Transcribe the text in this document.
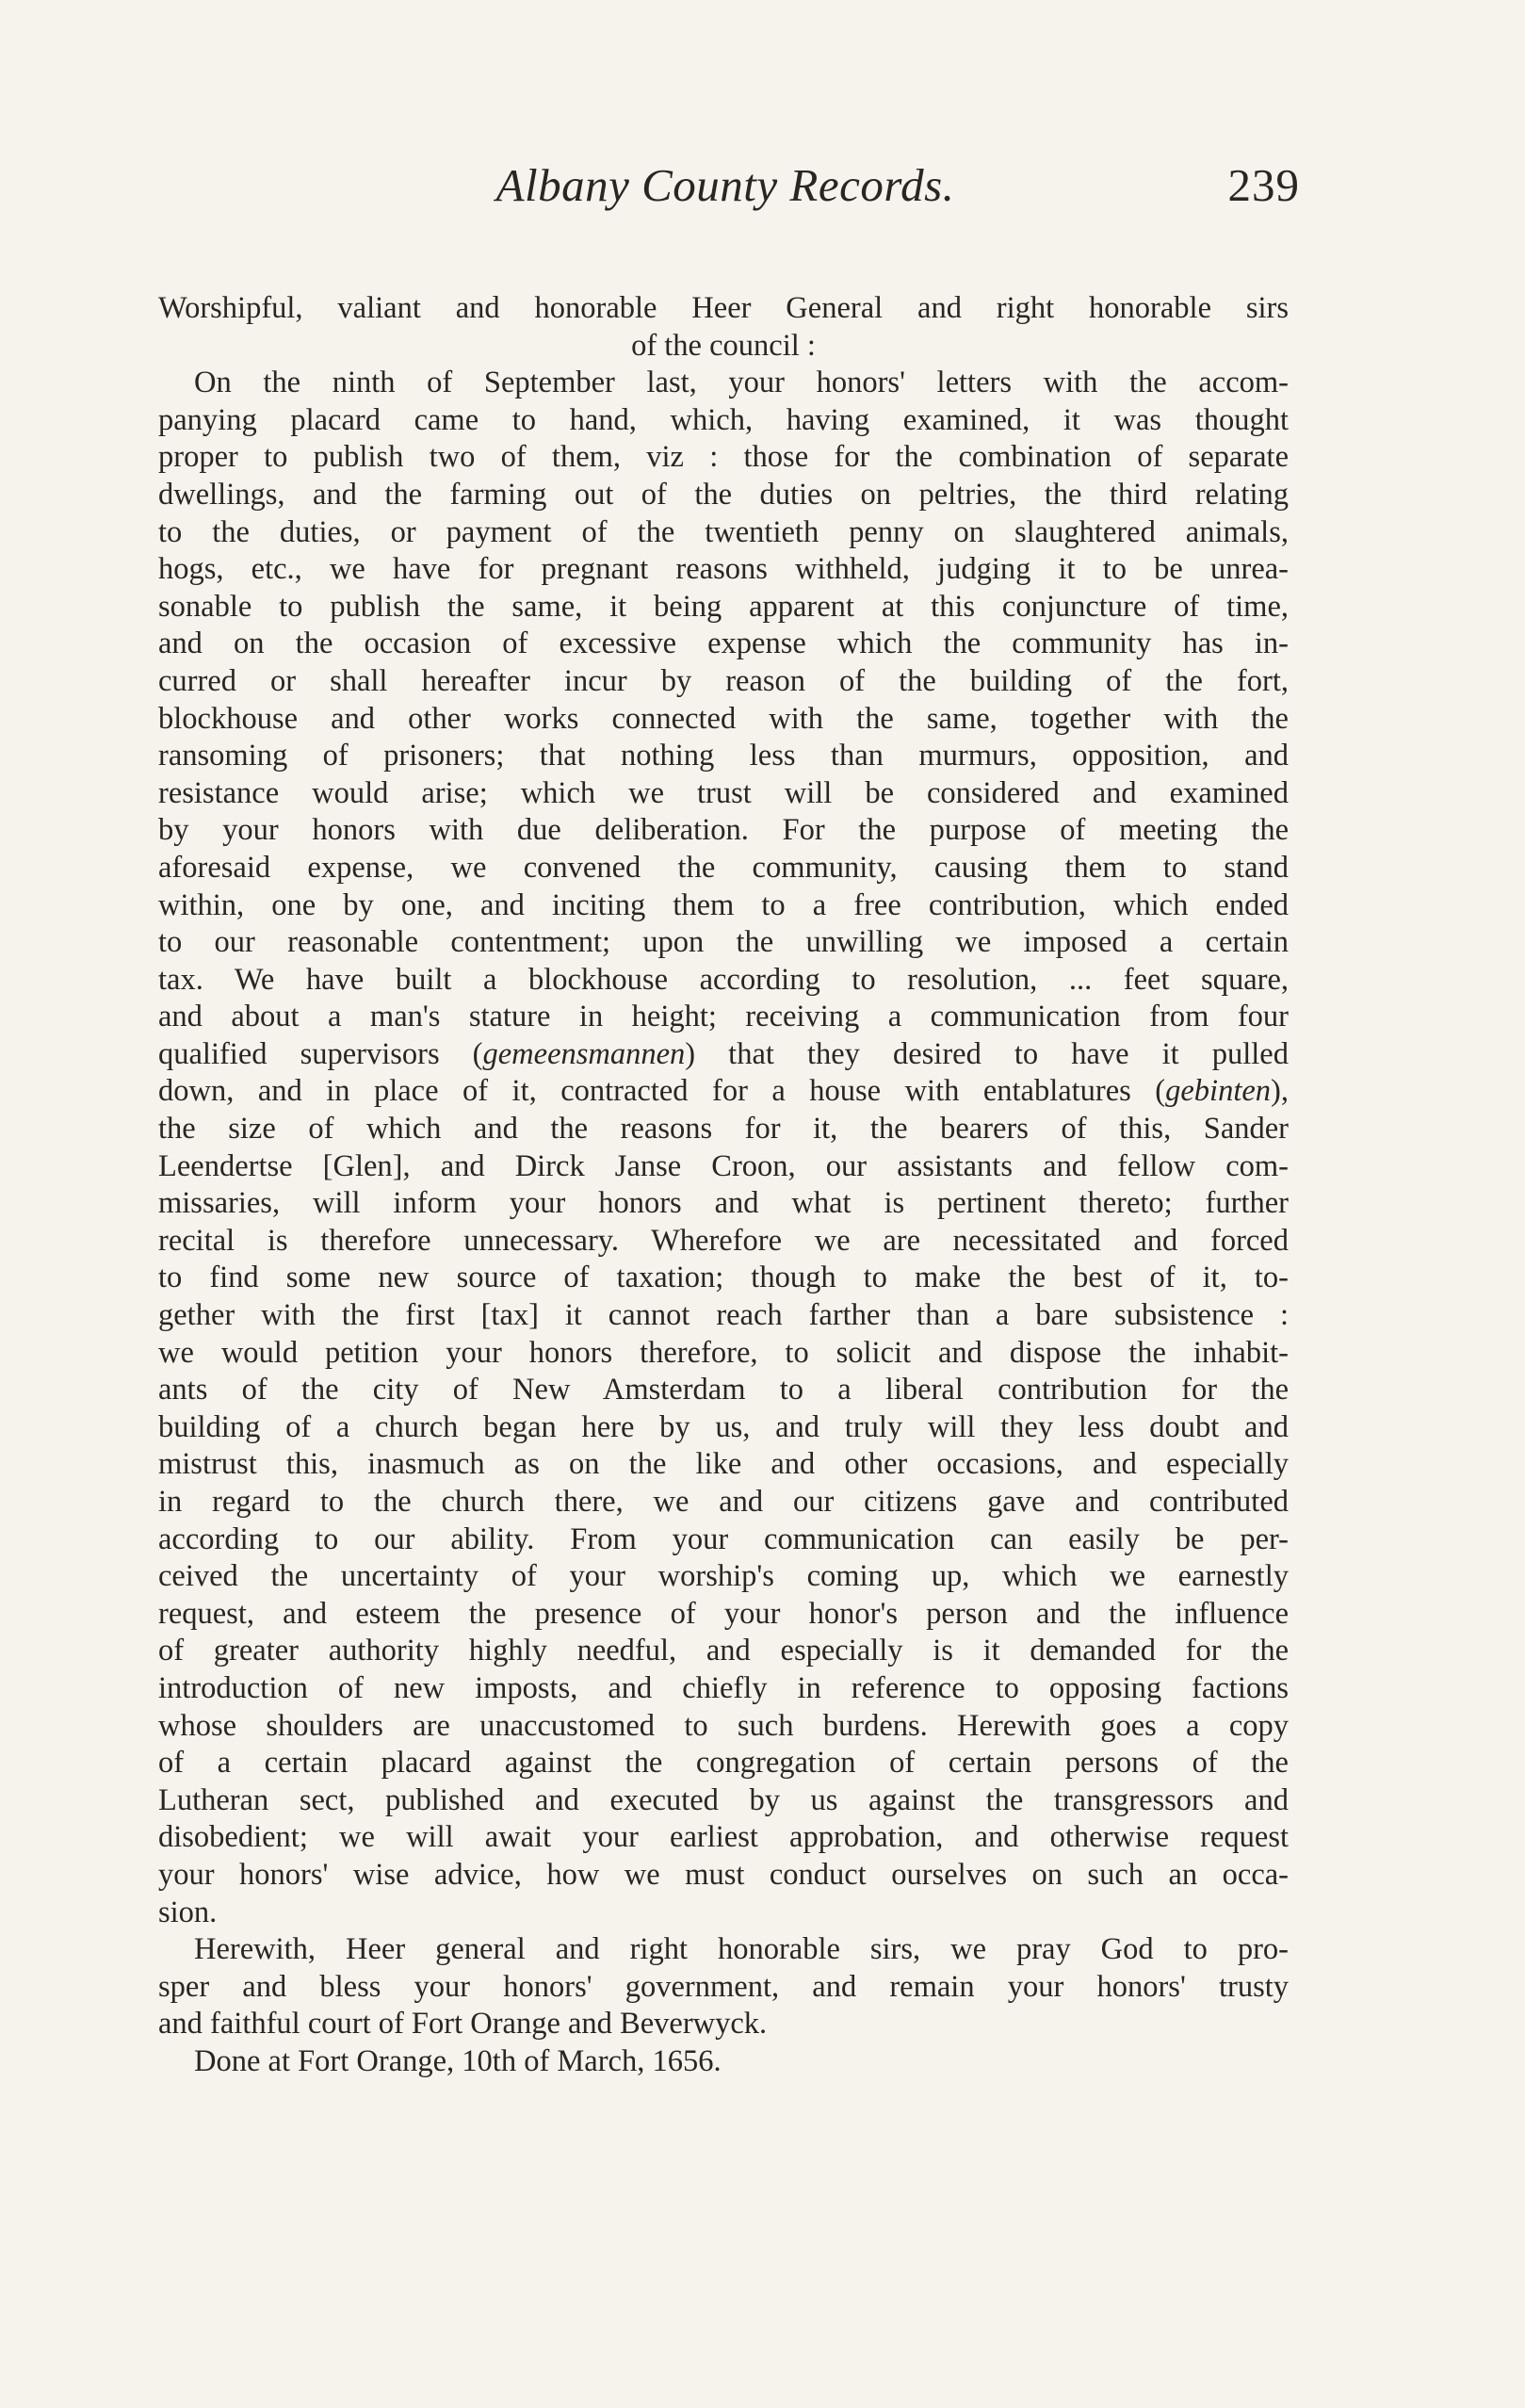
Albany County Records.	239
Worshipful, valiant and honorable Heer General and right honorable sirs
of the council :
On the ninth of September last, your honors' letters with the accom-
panying placard came to hand, which, having examined, it was thought
proper to publish two of them, viz : those for the combination of separate
dwellings, and the farming out of the duties on peltries, the third relating
to the duties, or payment of the twentieth penny on slaughtered animals,
hogs, etc., we have for pregnant reasons withheld, judging it to be unrea-
sonable to publish the same, it being apparent at this conjuncture of time,
and on the occasion of excessive expense which the community has in-
curred or shall hereafter incur by reason of the building of the fort,
blockhouse and other works connected with the same, together with the
ransoming of prisoners; that nothing less than murmurs, opposition, and
resistance would arise; which we trust will be considered and examined
by your honors with due deliberation. For the purpose of meeting the
aforesaid expense, we convened the community, causing them to stand
within, one by one, and inciting them to a free contribution, which ended
to our reasonable contentment; upon the unwilling we imposed a certain
tax. We have built a blockhouse according to resolution, ... feet square,
and about a man's stature in height; receiving a communication from four
qualified supervisors (gemeensmannen) that they desired to have it pulled
down, and in place of it, contracted for a house with entablatures (gebinten),
the size of which and the reasons for it, the bearers of this, Sander
Leendertse [Glen], and Dirck Janse Croon, our assistants and fellow com-
missaries, will inform your honors and what is pertinent thereto; further
recital is therefore unnecessary. Wherefore we are necessitated and forced
to find some new source of taxation; though to make the best of it, to-
gether with the first [tax] it cannot reach farther than a bare subsistence :
we would petition your honors therefore, to solicit and dispose the inhabit-
ants of the city of New Amsterdam to a liberal contribution for the
building of a church began here by us, and truly will they less doubt and
mistrust this, inasmuch as on the like and other occasions, and especially
in regard to the church there, we and our citizens gave and contributed
according to our ability. From your communication can easily be per-
ceived the uncertainty of your worship's coming up, which we earnestly
request, and esteem the presence of your honor's person and the influence
of greater authority highly needful, and especially is it demanded for the
introduction of new imposts, and chiefly in reference to opposing factions
whose shoulders are unaccustomed to such burdens. Herewith goes a copy
of a certain placard against the congregation of certain persons of the
Lutheran sect, published and executed by us against the transgressors and
disobedient; we will await your earliest approbation, and otherwise request
your honors' wise advice, how we must conduct ourselves on such an occa-
sion.
Herewith, Heer general and right honorable sirs, we pray God to pro-
sper and bless your honors' government, and remain your honors' trusty
and faithful court of Fort Orange and Beverwyck.
Done at Fort Orange, 10th of March, 1656.
